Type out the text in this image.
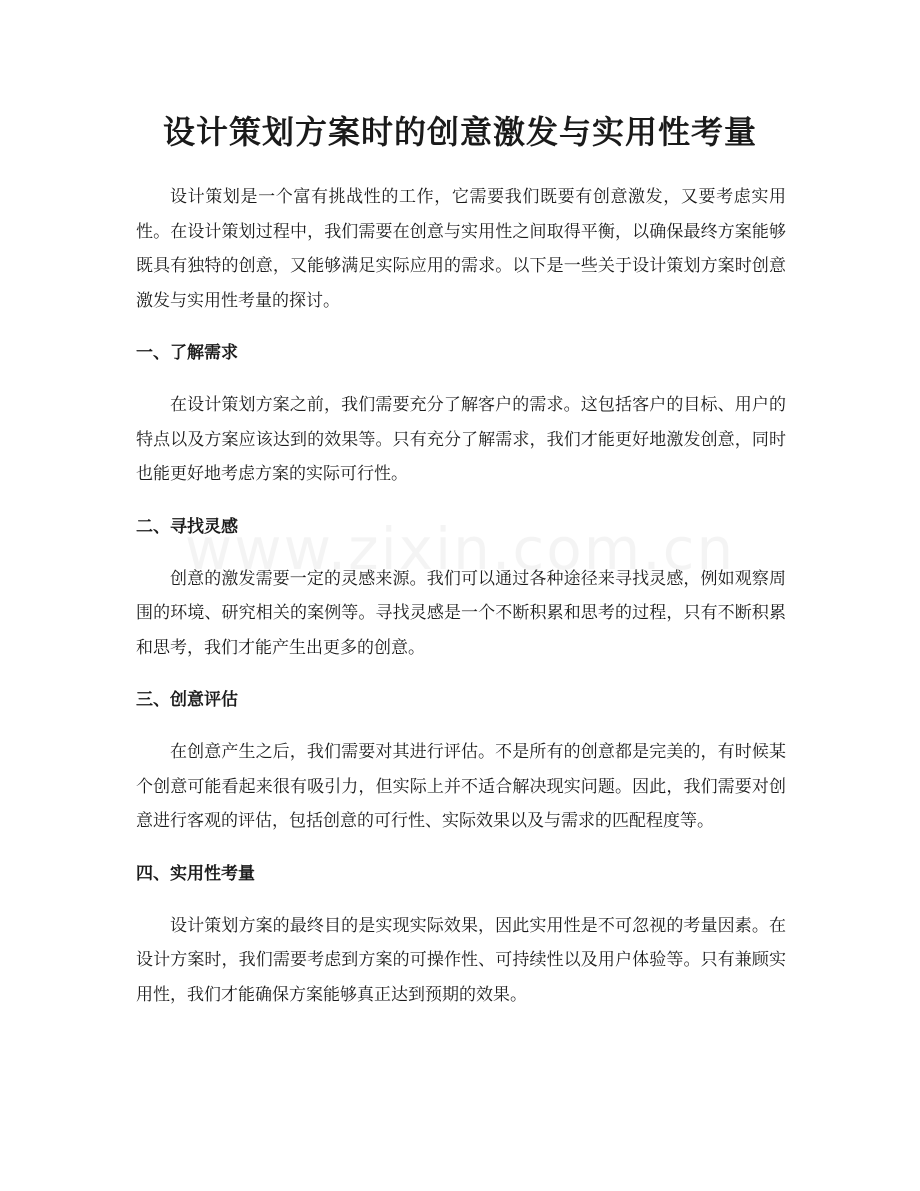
设计策划方案时的创意激发与实用性考量

设计策划是一个富有挑战性的工作，它需要我们既要有创意激发，又要考虑实用性。在设计策划过程中，我们需要在创意与实用性之间取得平衡，以确保最终方案能够既具有独特的创意，又能够满足实际应用的需求。以下是一些关于设计策划方案时创意激发与实用性考量的探讨。

一、了解需求

在设计策划方案之前，我们需要充分了解客户的需求。这包括客户的目标、用户的特点以及方案应该达到的效果等。只有充分了解需求，我们才能更好地激发创意，同时也能更好地考虑方案的实际可行性。

二、寻找灵感

创意的激发需要一定的灵感来源。我们可以通过各种途径来寻找灵感，例如观察周围的环境、研究相关的案例等。寻找灵感是一个不断积累和思考的过程，只有不断积累和思考，我们才能产生出更多的创意。

三、创意评估

在创意产生之后，我们需要对其进行评估。不是所有的创意都是完美的，有时候某个创意可能看起来很有吸引力，但实际上并不适合解决现实问题。因此，我们需要对创意进行客观的评估，包括创意的可行性、实际效果以及与需求的匹配程度等。

四、实用性考量

设计策划方案的最终目的是实现实际效果，因此实用性是不可忽视的考量因素。在设计方案时，我们需要考虑到方案的可操作性、可持续性以及用户体验等。只有兼顾实用性，我们才能确保方案能够真正达到预期的效果。
